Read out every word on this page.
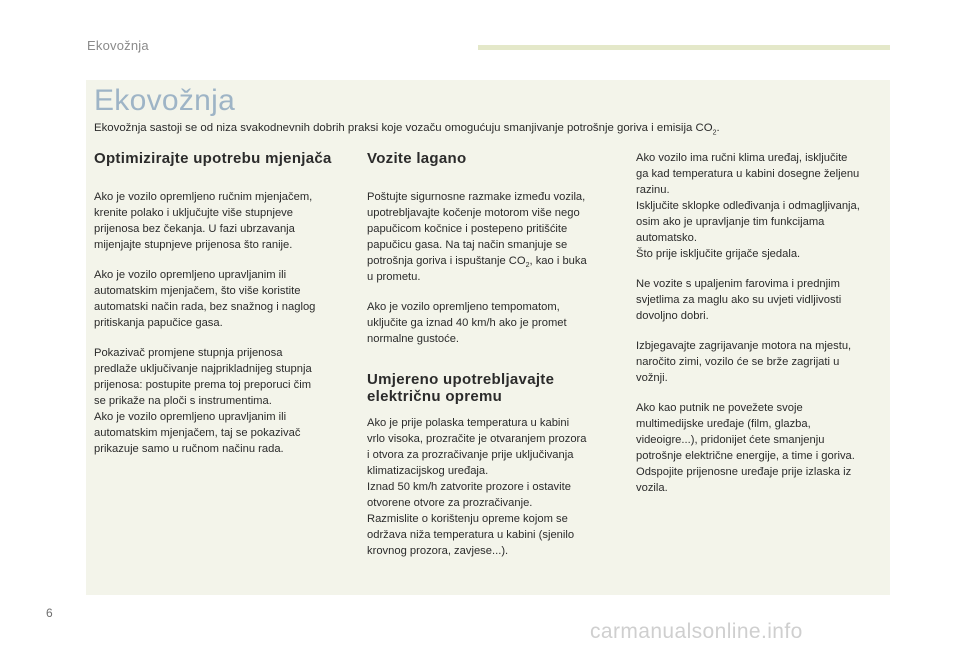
Ekovožnja
Ekovožnja
Ekovožnja sastoji se od niza svakodnevnih dobrih praksi koje vozaču omogućuju smanjivanje potrošnje goriva i emisija $CO_2$.
Optimizirajte upotrebu mjenjača

Ako je vozilo opremljeno ručnim mjenjačem,
krenite polako i uključujte više stupnjeve
prijenosa bez čekanja. U fazi ubrzavanja
mijenjajte stupnjeve prijenosa što ranije.

Ako je vozilo opremljeno upravljanim ili
automatskim mjenjačem, što više koristite
automatski način rada, bez snažnog i naglog
pritiskanja papučice gasa.

Pokazivač promjene stupnja prijenosa
predlaže uključivanje najprikladnijeg stupnja
prijenosa: postupite prema toj preporuci čim
se prikaže na ploči s instrumentima.
Ako je vozilo opremljeno upravljanim ili
automatskim mjenjačem, taj se pokazivač
prikazuje samo u ručnom načinu rada.

Vozite lagano

Poštujte sigurnosne razmake između vozila,
upotrebljavajte kočenje motorom više nego
papučicom kočnice i postepeno pritišćite
papučicu gasa. Na taj način smanjuje se
potrošnja goriva i ispuštanje $CO_2$, kao i buka
u prometu.

Ako je vozilo opremljeno tempomatom,
uključite ga iznad 40 km/h ako je promet
normalne gustoće.

Umjereno upotrebljavajte
električnu opremu

Ako je prije polaska temperatura u kabini
vrlo visoka, prozračite je otvaranjem prozora
i otvora za prozračivanje prije uključivanja
klimatizacijskog uređaja.
Iznad 50 km/h zatvorite prozore i ostavite
otvorene otvore za prozračivanje.
Razmislite o korištenju opreme kojom se
održava niža temperatura u kabini (sjenilo
krovnog prozora, zavjese...).

Ako vozilo ima ručni klima uređaj, isključite
ga kad temperatura u kabini dosegne željenu
razinu.
Isključite sklopke odleđivanja i odmagljivanja,
osim ako je upravljanje tim funkcijama
automatsko.
Što prije isključite grijače sjedala.

Ne vozite s upaljenim farovima i prednjim
svjetlima za maglu ako su uvjeti vidljivosti
dovoljno dobri.

Izbjegavajte zagrijavanje motora na mjestu,
naročito zimi, vozilo će se brže zagrijati u
vožnji.

Ako kao putnik ne povežete svoje
multimedijske uređaje (film, glazba,
videoigre...), pridonijet ćete smanjenju
potrošnje električne energije, a time i goriva.
Odspojite prijenosne uređaje prije izlaska iz
vozila.

6
carmanualsonline.info
